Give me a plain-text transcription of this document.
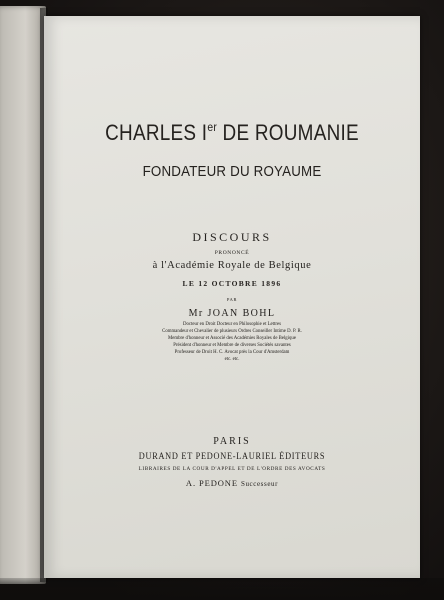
CHARLES Ier DE ROUMANIE
FONDATEUR DU ROYAUME
DISCOURS
PRONONCÉ
à l'Académie Royale de Belgique
LE 12 OCTOBRE 1896
PAR
Mr JOAN BOHL
Docteur en Droit Docteur en Philosophie et Lettres
Commandeur et Chevalier de plusieurs Ordres Conseiller Intime D. P. R.
Membre d'honneur et Associé des Académies Royales de Belgique
Président d'honneur et Membre de diverses Sociétés savantes
Professeur de Droit H. C. Avocat près la Cour d'Amsterdam
etc. etc.
PARIS
DURAND ET PEDONE-LAURIEL ÉDITEURS
LIBRAIRES DE LA COUR D'APPEL ET DE L'ORDRE DES AVOCATS
A. PEDONE Successeur
